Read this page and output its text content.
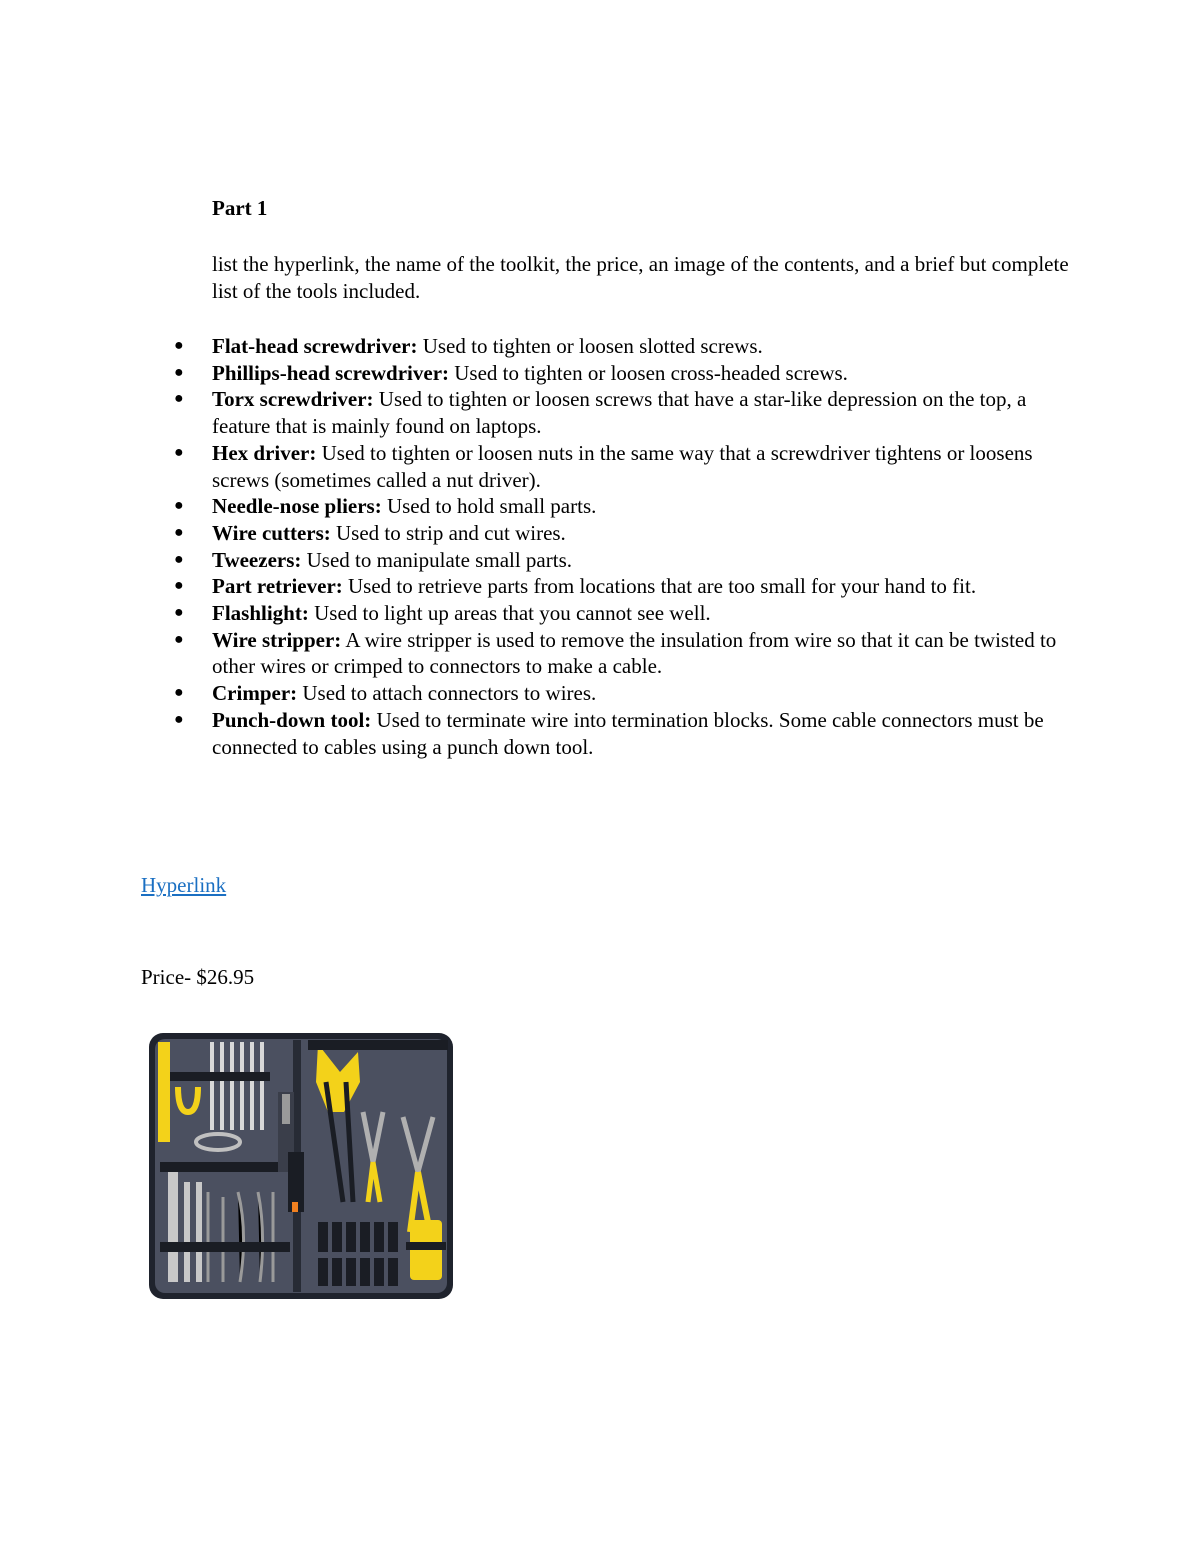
Part 1

list the hyperlink, the name of the toolkit, the price, an image of the contents, and a brief but complete list of the tools included.

● Flat-head screwdriver: Used to tighten or loosen slotted screws.
● Phillips-head screwdriver: Used to tighten or loosen cross-headed screws.
● Torx screwdriver: Used to tighten or loosen screws that have a star-like depression on the top, a feature that is mainly found on laptops.
● Hex driver: Used to tighten or loosen nuts in the same way that a screwdriver tightens or loosens screws (sometimes called a nut driver).
● Needle-nose pliers: Used to hold small parts.
● Wire cutters: Used to strip and cut wires.
● Tweezers: Used to manipulate small parts.
● Part retriever: Used to retrieve parts from locations that are too small for your hand to fit.
● Flashlight: Used to light up areas that you cannot see well.
● Wire stripper: A wire stripper is used to remove the insulation from wire so that it can be twisted to other wires or crimped to connectors to make a cable.
● Crimper: Used to attach connectors to wires.
● Punch-down tool: Used to terminate wire into termination blocks. Some cable connectors must be connected to cables using a punch down tool.
Hyperlink
Price- $26.95
